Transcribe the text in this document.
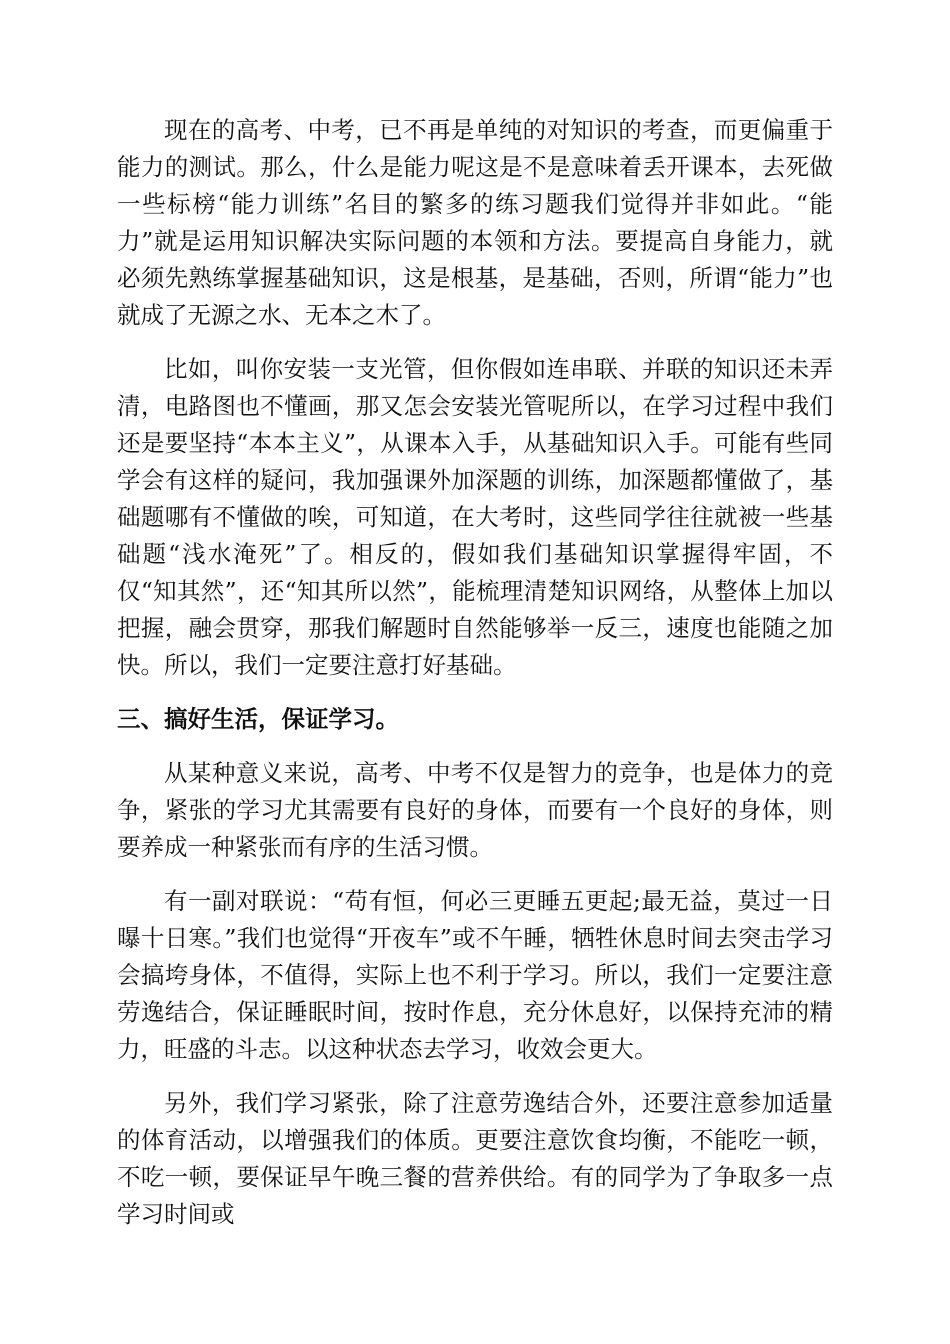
现在的高考、中考，已不再是单纯的对知识的考查，而更偏重于能力的测试。那么，什么是能力呢这是不是意味着丢开课本，去死做一些标榜“能力训练”名目的繁多的练习题我们觉得并非如此。“能力”就是运用知识解决实际问题的本领和方法。要提高自身能力，就必须先熟练掌握基础知识，这是根基，是基础，否则，所谓“能力”也就成了无源之水、无本之木了。

比如，叫你安装一支光管，但你假如连串联、并联的知识还未弄清，电路图也不懂画，那又怎会安装光管呢所以，在学习过程中我们还是要坚持“本本主义”，从课本入手，从基础知识入手。可能有些同学会有这样的疑问，我加强课外加深题的训练，加深题都懂做了，基础题哪有不懂做的唉，可知道，在大考时，这些同学往往就被一些基础题“浅水淹死”了。相反的，假如我们基础知识掌握得牢固，不仅“知其然”，还“知其所以然”，能梳理清楚知识网络，从整体上加以把握，融会贯穿，那我们解题时自然能够举一反三，速度也能随之加快。所以，我们一定要注意打好基础。

三、搞好生活，保证学习。

从某种意义来说，高考、中考不仅是智力的竞争，也是体力的竞争，紧张的学习尤其需要有良好的身体，而要有一个良好的身体，则要养成一种紧张而有序的生活习惯。

有一副对联说：“苟有恒，何必三更睡五更起;最无益，莫过一日曝十日寒。”我们也觉得“开夜车”或不午睡，牺牲休息时间去突击学习会搞垮身体，不值得，实际上也不利于学习。所以，我们一定要注意劳逸结合，保证睡眠时间，按时作息，充分休息好，以保持充沛的精力，旺盛的斗志。以这种状态去学习，收效会更大。

另外，我们学习紧张，除了注意劳逸结合外，还要注意参加适量的体育活动，以增强我们的体质。更要注意饮食均衡，不能吃一顿，不吃一顿，要保证早午晚三餐的营养供给。有的同学为了争取多一点学习时间或
